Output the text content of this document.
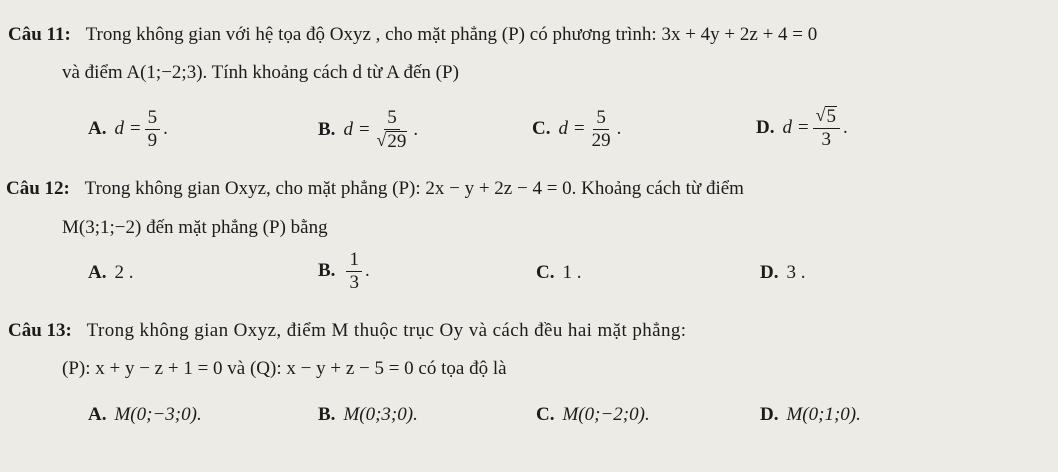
Câu 11: Trong không gian với hệ tọa độ Oxyz , cho mặt phẳng (P) có phương trình: 3x + 4y + 2z + 4 = 0
và điểm A(1;−2;3). Tính khoảng cách d từ A đến (P)
A. $d = \frac{5}{9}$ .	B. $d = \frac{5}{√ 29}$ .	C. $d = \frac{5}{29}$ .	D. $d = \frac{√ 5}{3}$ .
Câu 12: Trong không gian Oxyz, cho mặt phẳng (P): 2x − y + 2z − 4 = 0. Khoảng cách từ điểm
M(3;1;−2) đến mặt phẳng (P) bằng
A. 2 .	B. $\frac{1}{3}$ .	C. 1 .	D. 3 .
Câu 13: Trong không gian Oxyz, điểm M thuộc trục Oy và cách đều hai mặt phẳng:
(P): x + y − z + 1 = 0 và (Q): x − y + z − 5 = 0 có tọa độ là
A. M(0;−3;0).	B. M(0;3;0).	C. M(0;−2;0).	D. M(0;1;0).
